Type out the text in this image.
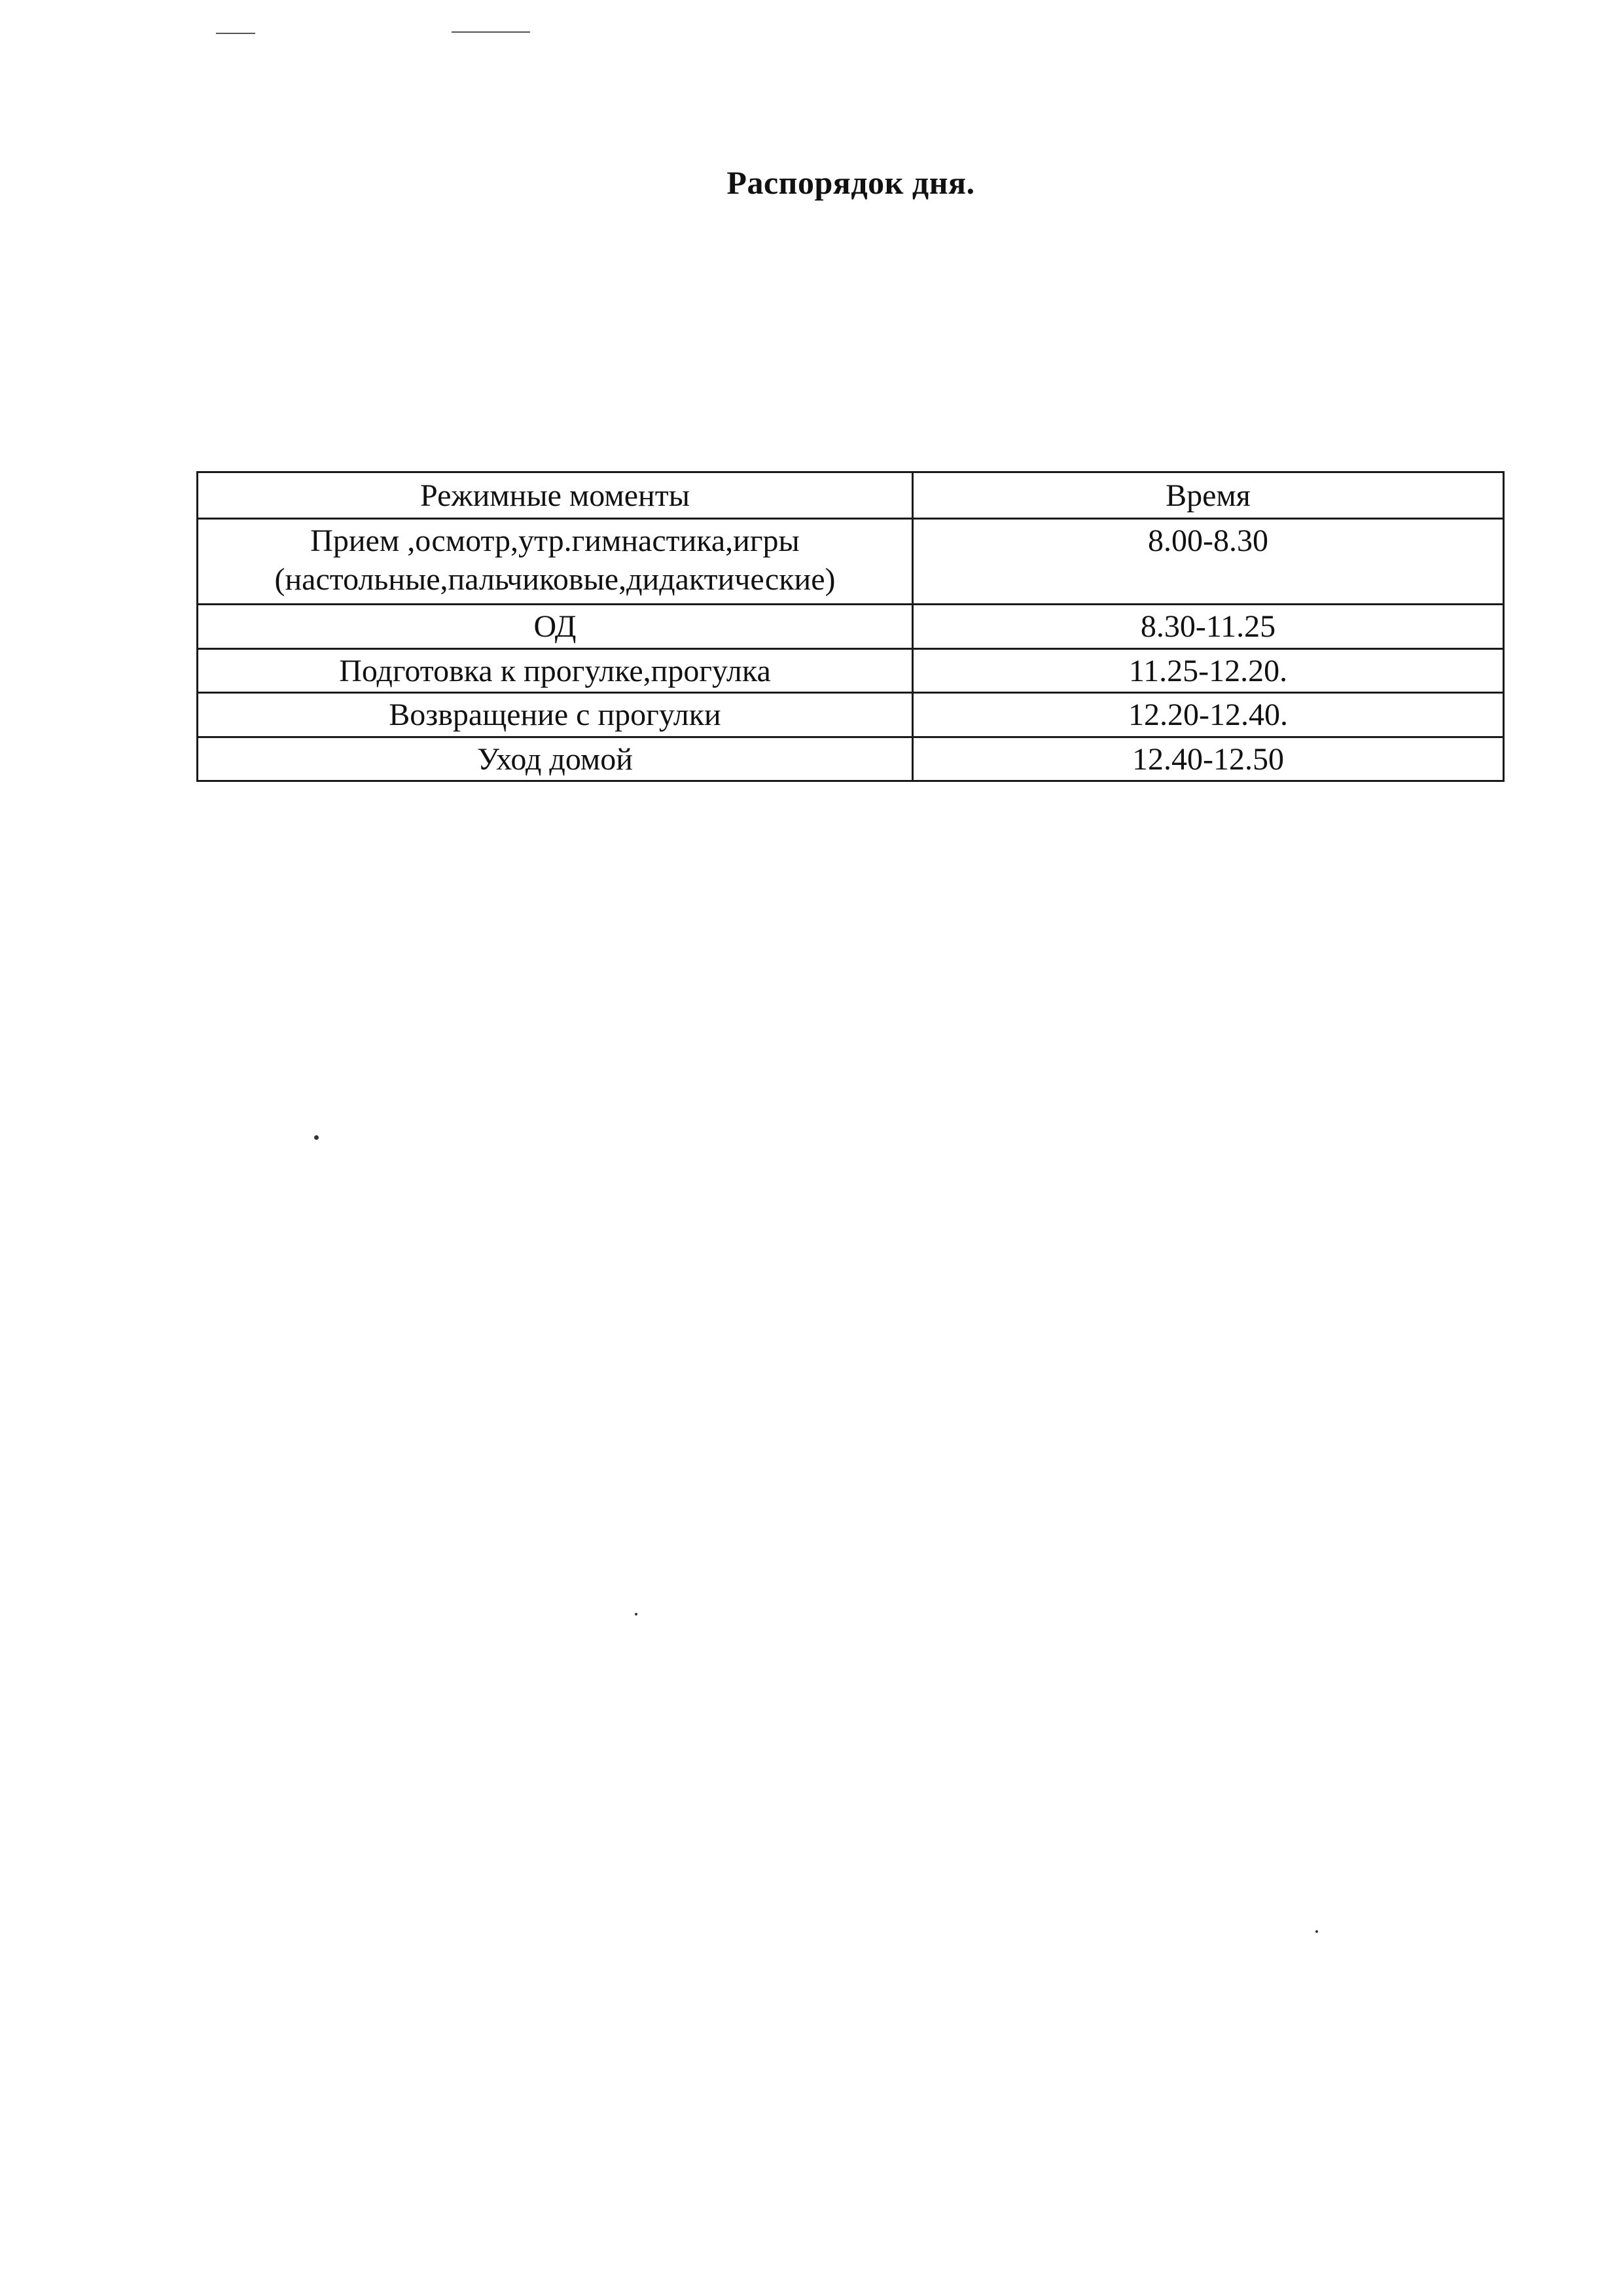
Распорядок дня.
Режимные моменты	Время
Прием ,осмотр,утр.гимнастика,игры (настольные,пальчиковые,дидактические)	8.00-8.30
ОД	8.30-11.25
Подготовка к прогулке,прогулка	11.25-12.20.
Возвращение с прогулки	12.20-12.40.
Уход домой	12.40-12.50
